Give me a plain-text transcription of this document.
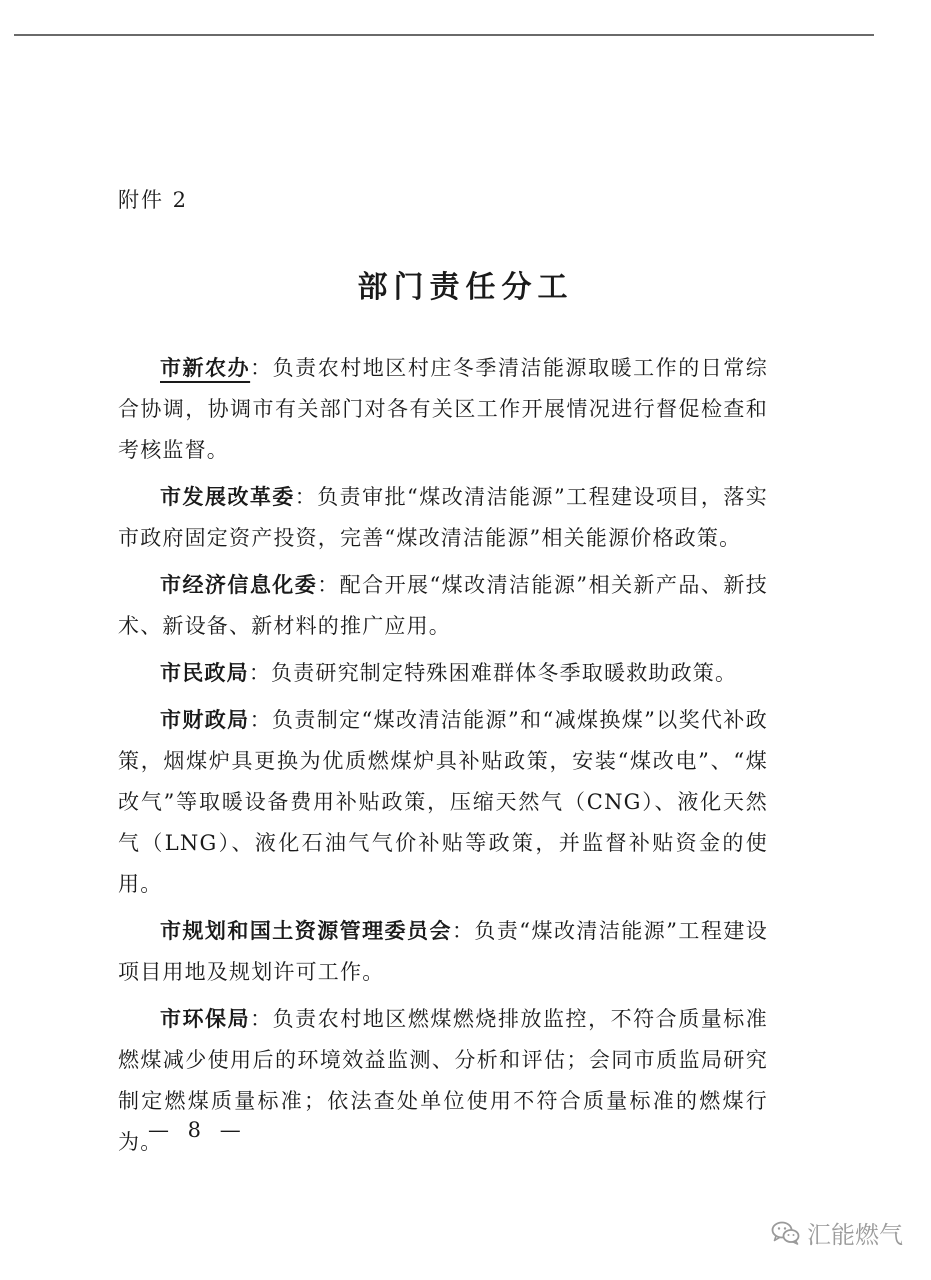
附件 2
部门责任分工

市新农办：负责农村地区村庄冬季清洁能源取暖工作的日常综合协调，协调市有关部门对各有关区工作开展情况进行督促检查和考核监督。

市发展改革委：负责审批“煤改清洁能源”工程建设项目，落实市政府固定资产投资，完善“煤改清洁能源”相关能源价格政策。

市经济信息化委：配合开展“煤改清洁能源”相关新产品、新技术、新设备、新材料的推广应用。

市民政局：负责研究制定特殊困难群体冬季取暖救助政策。

市财政局：负责制定“煤改清洁能源”和“减煤换煤”以奖代补政策，烟煤炉具更换为优质燃煤炉具补贴政策，安装“煤改电”、“煤改气”等取暖设备费用补贴政策，压缩天然气（CNG）、液化天然气（LNG）、液化石油气气价补贴等政策，并监督补贴资金的使用。

市规划和国土资源管理委员会：负责“煤改清洁能源”工程建设项目用地及规划许可工作。

市环保局：负责农村地区燃煤燃烧排放监控，不符合质量标准燃煤减少使用后的环境效益监测、分析和评估；会同市质监局研究制定燃煤质量标准；依法查处单位使用不符合质量标准的燃煤行为。

— 8 —
汇能燃气
